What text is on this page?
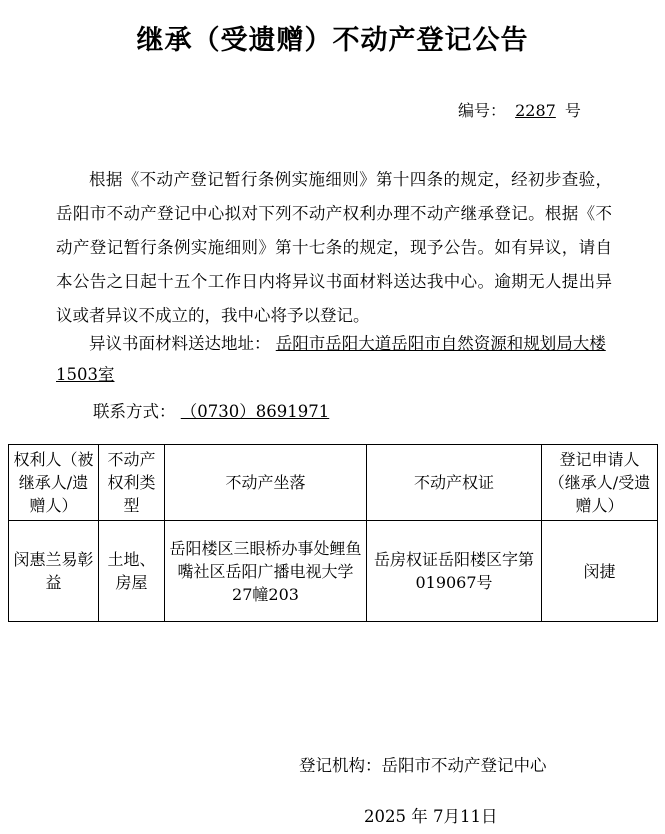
继承（受遗赠）不动产登记公告
编号： 2287 号

根据《不动产登记暂行条例实施细则》第十四条的规定，经初步查验，岳阳市不动产登记中心拟对下列不动产权利办理不动产继承登记。根据《不动产登记暂行条例实施细则》第十七条的规定，现予公告。如有异议，请自本公告之日起十五个工作日内将异议书面材料送达我中心。逾期无人提出异议或者异议不成立的，我中心将予以登记。

异议书面材料送达地址： 岳阳市岳阳大道岳阳市自然资源和规划局大楼1503室
联系方式： （0730）8691971
权利人（被继承人/遗赠人）	不动产权利类型	不动产坐落	不动产权证	登记申请人（继承人/受遗赠人）
闵惠兰易彰益	土地、房屋	岳阳楼区三眼桥办事处鲤鱼嘴社区岳阳广播电视大学27幢203	岳房权证岳阳楼区字第019067号	闵捷
登记机构：岳阳市不动产登记中心
2025 年 7月11日
